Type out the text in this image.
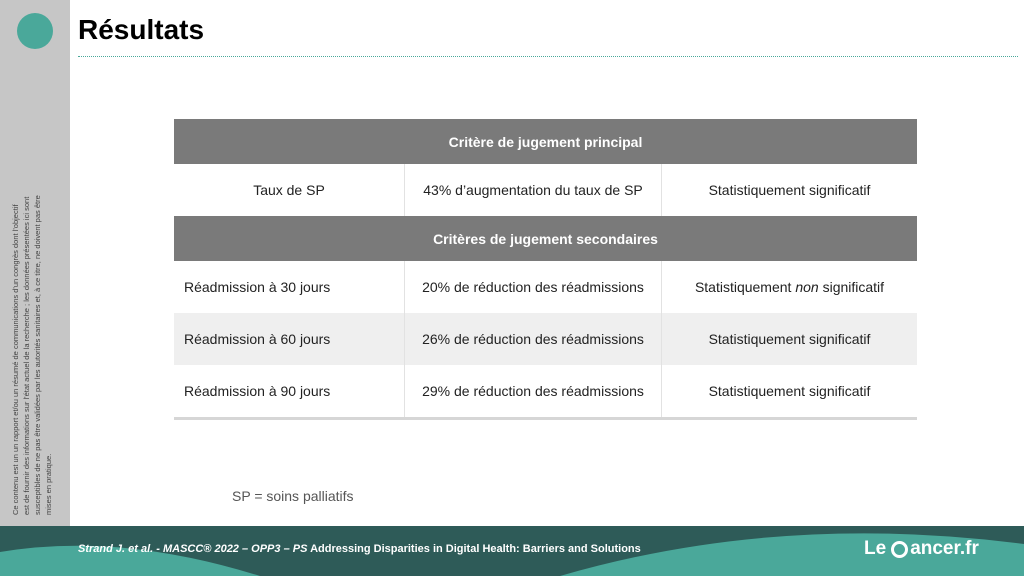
Ce contenu est un un rapport et/ou un résumé de communications d'un congrès dont l'objectif est de fournir des informations sur l'état actuel de la recherche ; les données présentées ici sont susceptibles de ne pas être validées par les autorités sanitaires et, à ce titre, ne doivent pas être mises en pratique.
Résultats
Critère de jugement principal		
Taux de SP	43% d’augmentation du taux de SP	Statistiquement significatif
Critères de jugement secondaires		
Réadmission à 30 jours	20% de réduction des réadmissions	Statistiquement non significatif
Réadmission à 60 jours	26% de réduction des réadmissions	Statistiquement significatif
Réadmission à 90 jours	29% de réduction des réadmissions	Statistiquement significatif
SP = soins palliatifs
Strand J. et al. - MASCC® 2022 – OPP3 – PS Addressing Disparities in Digital Health: Barriers and Solutions	Le ancer.fr
